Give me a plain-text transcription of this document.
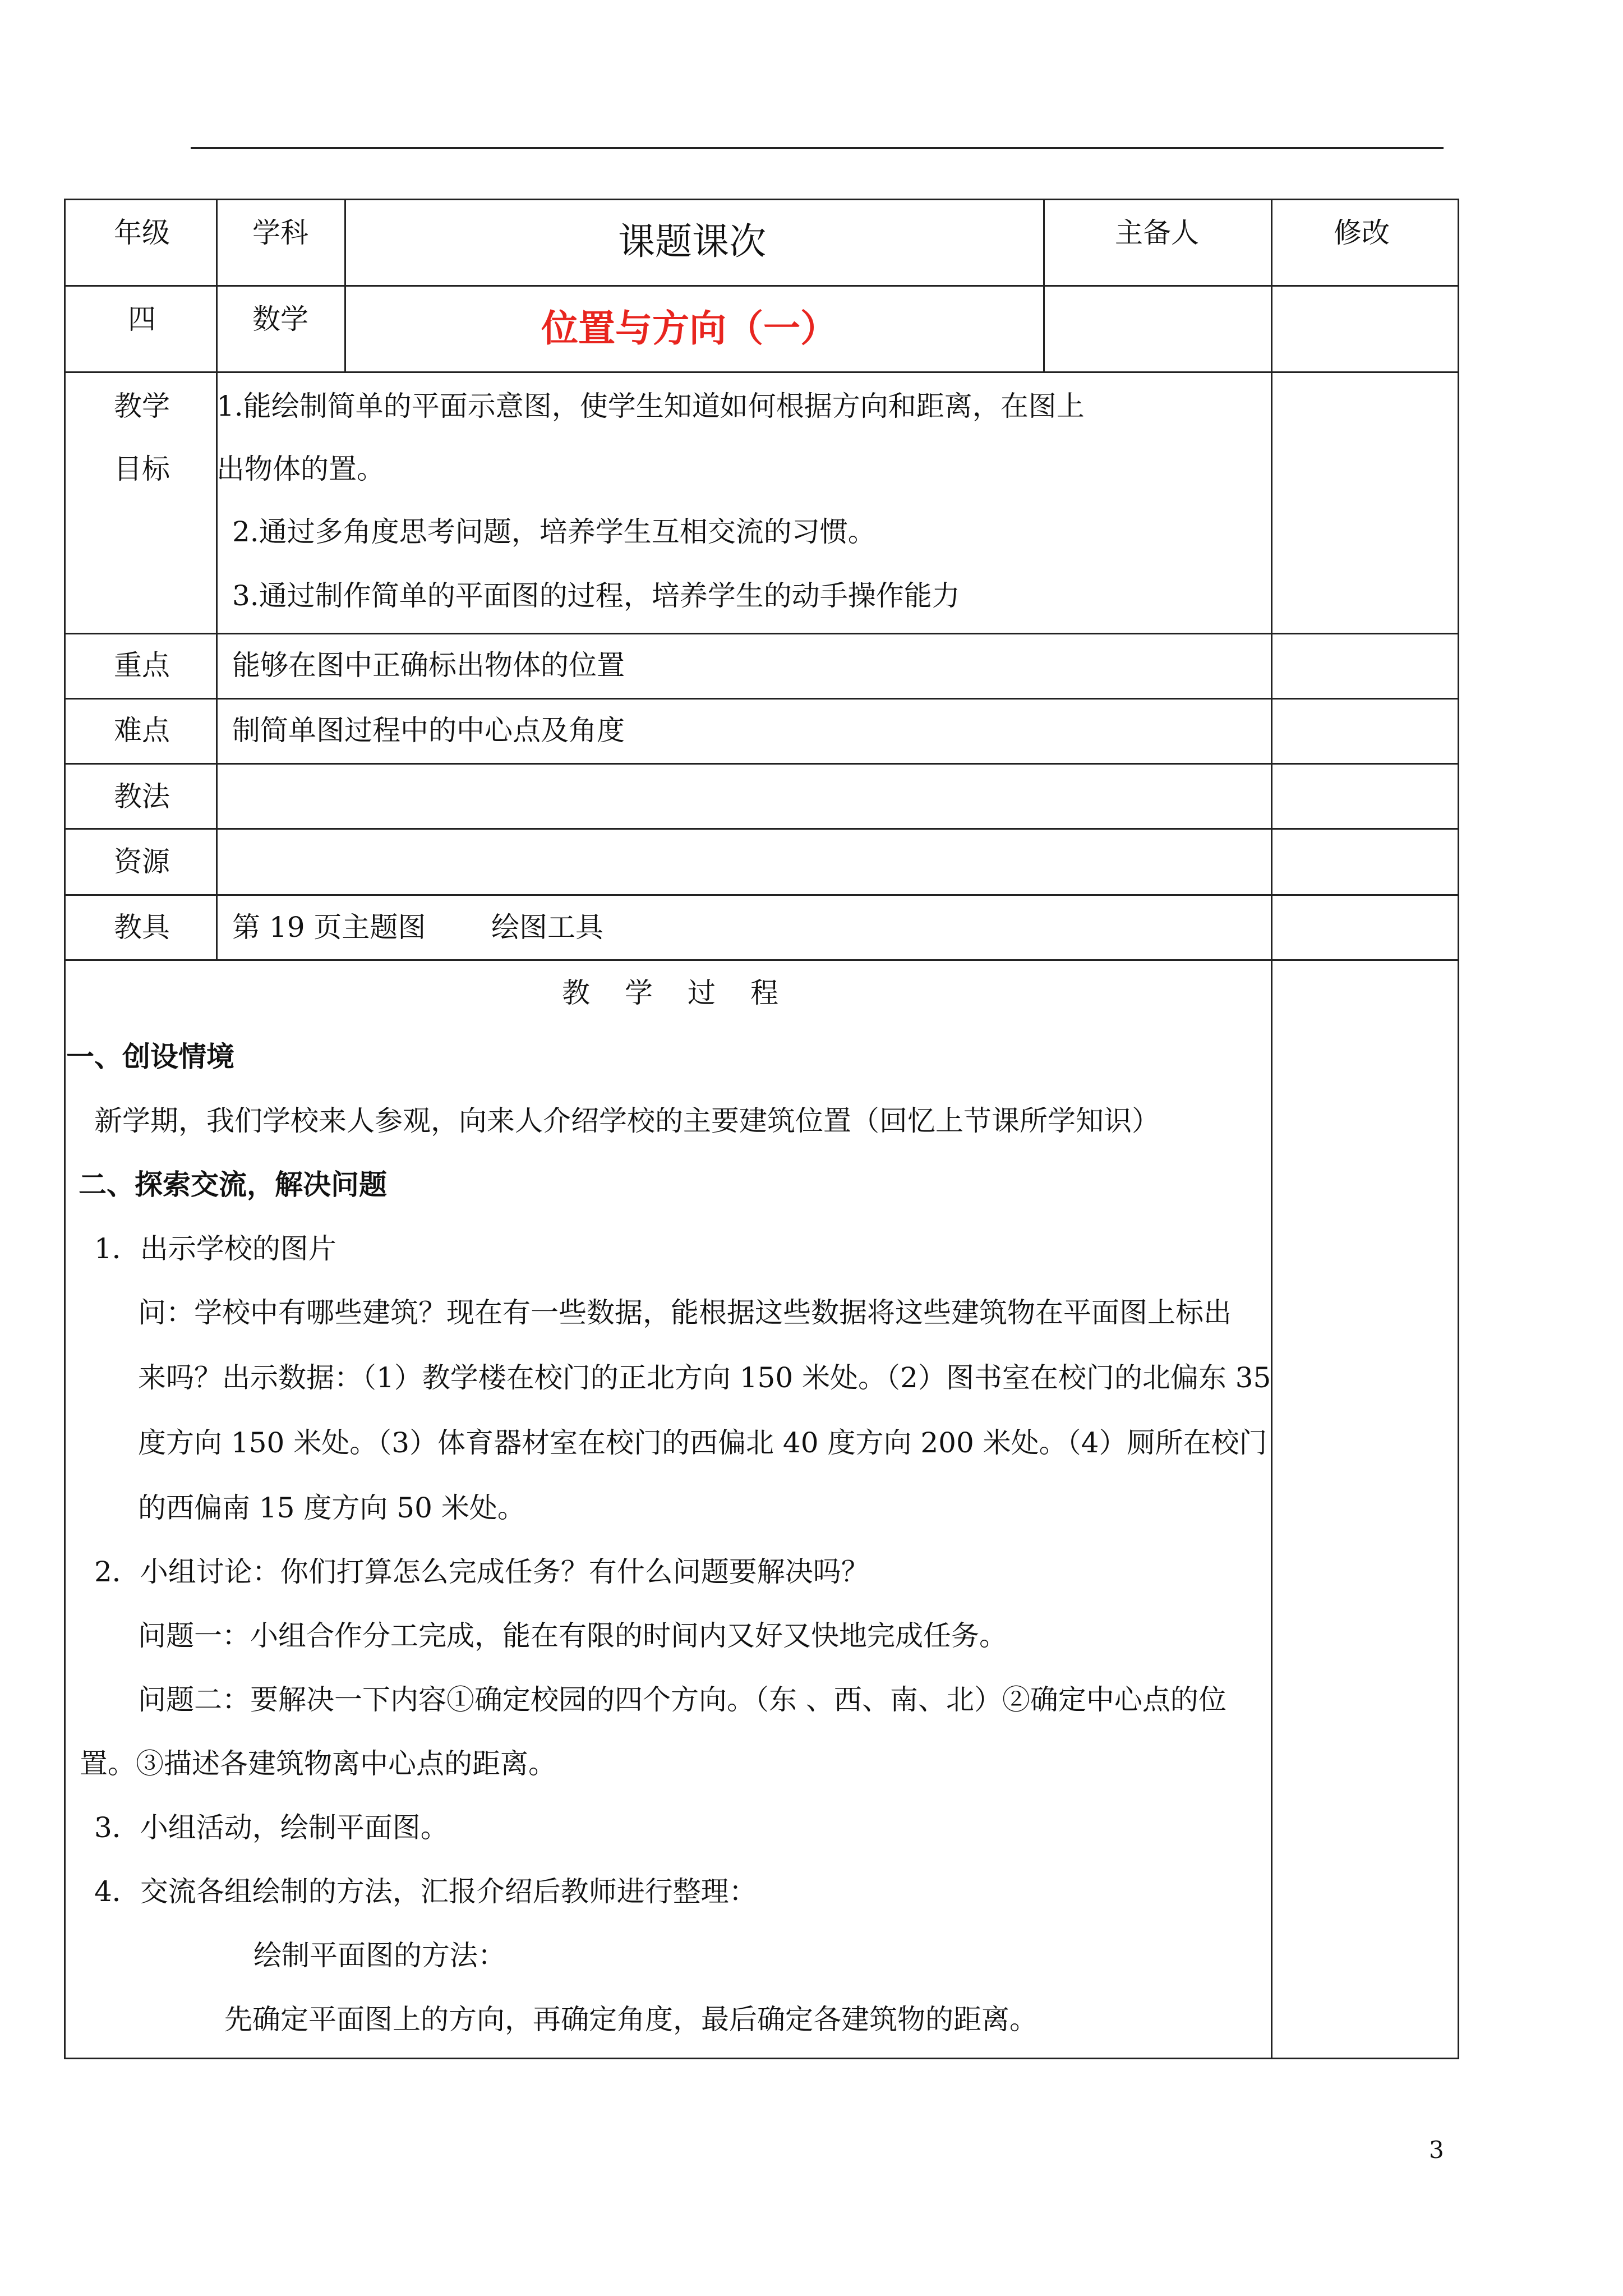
年级	学科	课题课次	主备人	修改
四	数学	位置与方向（一）
教学
目标
1.能绘制简单的平面示意图，使学生知道如何根据方向和距离，在图上
出物体的置。
2.通过多角度思考问题，培养学生互相交流的习惯。
3.通过制作简单的平面图的过程，培养学生的动手操作能力
重点 能够在图中正确标出物体的位置
难点 制简单图过程中的中心点及角度
教法
资源
教具 第 19 页主题图 绘图工具
教学过程
一、创设情境
新学期，我们学校来人参观，向来人介绍学校的主要建筑位置（回忆上节课所学知识）
二、探索交流，解决问题
1．出示学校的图片
问：学校中有哪些建筑？现在有一些数据，能根据这些数据将这些建筑物在平面图上标出
来吗？出示数据：（1）教学楼在校门的正北方向 150 米处。（2）图书室在校门的北偏东 35
度方向 150 米处。（3）体育器材室在校门的西偏北 40 度方向 200 米处。（4）厕所在校门
的西偏南 15 度方向 50 米处。
2．小组讨论：你们打算怎么完成任务？有什么问题要解决吗？
问题一：小组合作分工完成，能在有限的时间内又好又快地完成任务。
问题二：要解决一下内容①确定校园的四个方向。（东 、西、南、北）②确定中心点的位
置。③描述各建筑物离中心点的距离。
3．小组活动，绘制平面图。
4．交流各组绘制的方法，汇报介绍后教师进行整理：
绘制平面图的方法：
先确定平面图上的方向，再确定角度，最后确定各建筑物的距离。
3
